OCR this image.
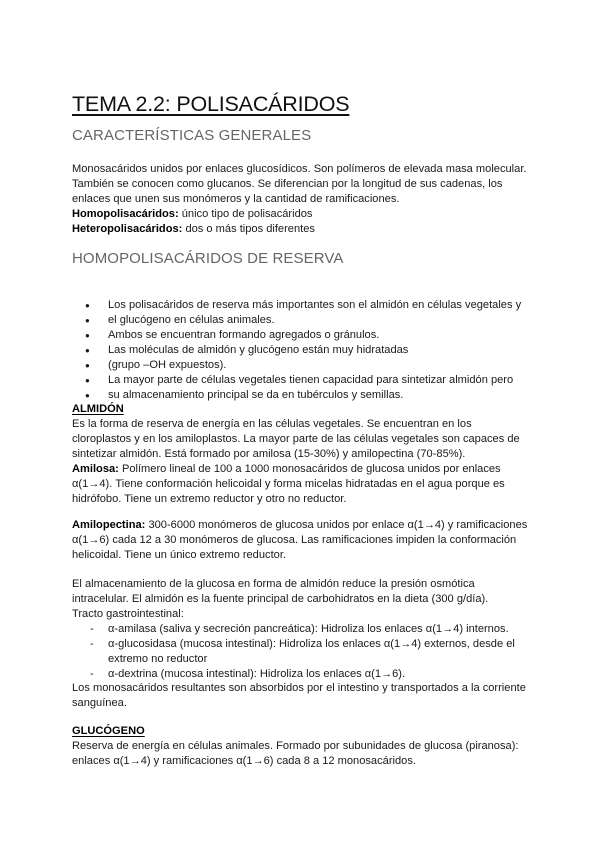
TEMA 2.2: POLISACÁRIDOS
CARACTERÍSTICAS GENERALES
Monosacáridos unidos por enlaces glucosídicos. Son polímeros de elevada masa molecular.
También se conocen como glucanos. Se diferencian por la longitud de sus cadenas, los
enlaces que unen sus monómeros y la cantidad de ramificaciones.
Homopolisacáridos: único tipo de polisacáridos
Heteropolisacáridos: dos o más tipos diferentes
HOMOPOLISACÁRIDOS DE RESERVA
● Los polisacáridos de reserva más importantes son el almidón en células vegetales y
● el glucógeno en células animales.
● Ambos se encuentran formando agregados o gránulos.
● Las moléculas de almidón y glucógeno están muy hidratadas
● (grupo –OH expuestos).
● La mayor parte de células vegetales tienen capacidad para sintetizar almidón pero
● su almacenamiento principal se da en tubérculos y semillas.
ALMIDÓN
Es la forma de reserva de energía en las células vegetales. Se encuentran en los
cloroplastos y en los amiloplastos. La mayor parte de las células vegetales son capaces de
sintetizar almidón. Está formado por amilosa (15-30%) y amilopectina (70-85%).
Amilosa: Polímero lineal de 100 a 1000 monosacáridos de glucosa unidos por enlaces
α(1→4). Tiene conformación helicoidal y forma micelas hidratadas en el agua porque es
hidrófobo. Tiene un extremo reductor y otro no reductor.
Amilopectina: 300-6000 monómeros de glucosa unidos por enlace α(1→4) y ramificaciones
α(1→6) cada 12 a 30 monómeros de glucosa. Las ramificaciones impiden la conformación
helicoidal. Tiene un único extremo reductor.
El almacenamiento de la glucosa en forma de almidón reduce la presión osmótica
intracelular. El almidón es la fuente principal de carbohidratos en la dieta (300 g/día).
Tracto gastrointestinal:
- α-amilasa (saliva y secreción pancreática): Hidroliza los enlaces α(1→4) internos.
- α-glucosidasa (mucosa intestinal): Hidroliza los enlaces α(1→4) externos, desde el
extremo no reductor
- α-dextrina (mucosa intestinal): Hidroliza los enlaces α(1→6).
Los monosacáridos resultantes son absorbidos por el intestino y transportados a la corriente
sanguínea.
GLUCÓGENO
Reserva de energía en células animales. Formado por subunidades de glucosa (piranosa):
enlaces α(1→4) y ramificaciones α(1→6) cada 8 a 12 monosacáridos.
